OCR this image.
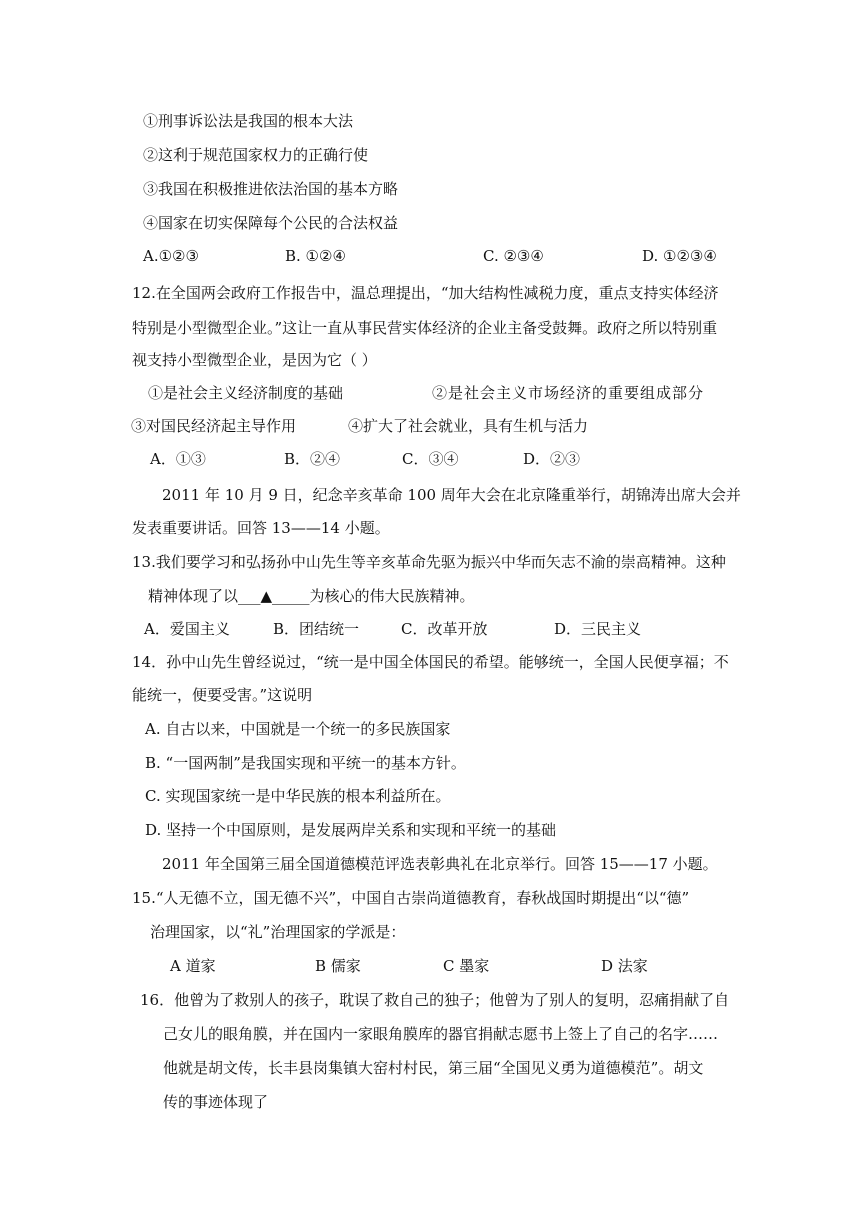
①刑事诉讼法是我国的根本大法
②这利于规范国家权力的正确行使
③我国在积极推进依法治国的基本方略
④国家在切实保障每个公民的合法权益
A.①②③	B. ①②④	C. ②③④	D. ①②③④
12.在全国两会政府工作报告中，温总理提出，“加大结构性减税力度，重点支持实体经济
特别是小型微型企业。”这让一直从事民营实体经济的企业主备受鼓舞。政府之所以特别重
视支持小型微型企业，是因为它（ ）
①是社会主义经济制度的基础	②是社会主义市场经济的重要组成部分
③对国民经济起主导作用	④扩大了社会就业，具有生机与活力
A．①③	B．②④	C．③④	D．②③
2011 年 10 月 9 日，纪念辛亥革命 100 周年大会在北京隆重举行，胡锦涛出席大会并
发表重要讲话。回答 13——14 小题。
13.我们要学习和弘扬孙中山先生等辛亥革命先驱为振兴中华而矢志不渝的崇高精神。这种
精神体现了以___▲_____为核心的伟大民族精神。
A．爱国主义	B．团结统一	C．改革开放	D．三民主义
14．孙中山先生曾经说过，“统一是中国全体国民的希望。能够统一，全国人民便享福；不
能统一，便要受害。”这说明
A. 自古以来，中国就是一个统一的多民族国家
B. “一国两制”是我国实现和平统一的基本方针。
C. 实现国家统一是中华民族的根本利益所在。
D. 坚持一个中国原则，是发展两岸关系和实现和平统一的基础
2011 年全国第三届全国道德模范评选表彰典礼在北京举行。回答 15——17 小题。
15.“人无德不立，国无德不兴”，中国自古崇尚道德教育，春秋战国时期提出“以“德”
治理国家，以“礼”治理国家的学派是：
A 道家	B 儒家	C 墨家	D 法家
16．他曾为了救别人的孩子，耽误了救自己的独子；他曾为了别人的复明，忍痛捐献了自
己女儿的眼角膜，并在国内一家眼角膜库的器官捐献志愿书上签上了自己的名字……
他就是胡文传，长丰县岗集镇大窑村村民，第三届“全国见义勇为道德模范”。胡文
传的事迹体现了
